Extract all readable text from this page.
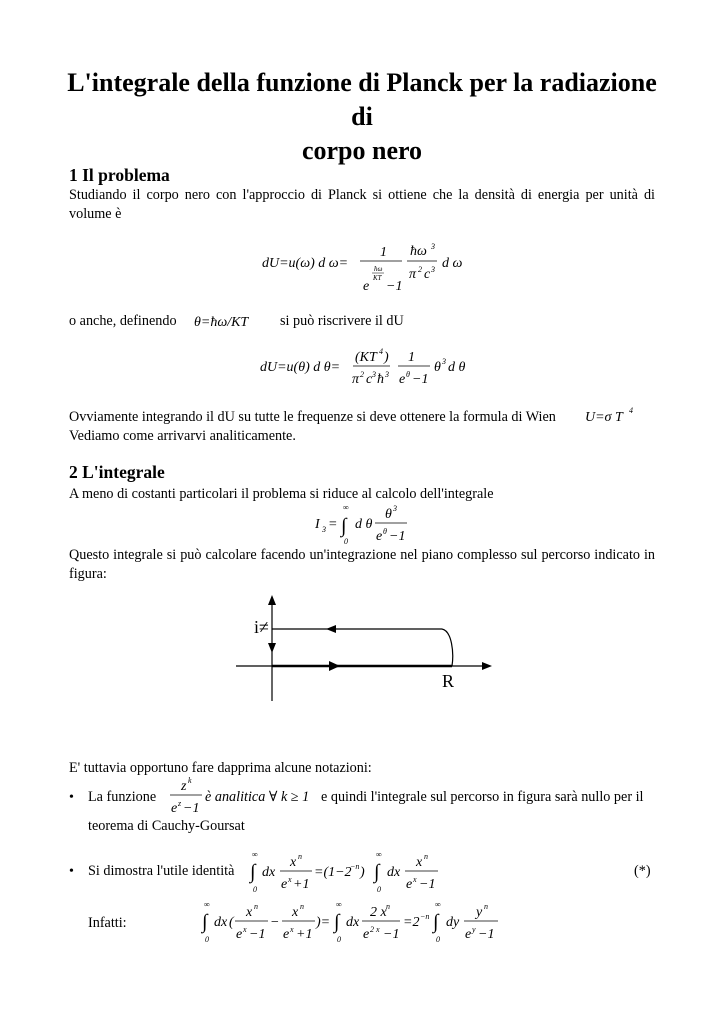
L'integrale della funzione di Planck per la radiazione di
corpo nero
1 Il problema
Studiando il corpo nero con l'approccio di Planck si ottiene che la densità di energia per unità di volume è
dU=u(ω) d ω=
1
ħω
KT
e −1
ħω 3
π 2 c 3 d ω
o anche, definendo θ=ħω/KT si può riscrivere il dU
dU=u(θ) d θ=
(KT 4 )
π 2 c 3 ħ 3
1
e θ −1
θ 3 d θ
Ovviamente integrando il dU su tutte le frequenze si deve ottenere la formula di Wien	U=σ T 4
Vediamo come arrivarvi analiticamente.
2 L'integrale
A meno di costanti particolari il problema si riduce al calcolo dell'integrale
I 3 = ∫
∞
0
d θ
θ 3
e θ −1
Questo integrale si può calcolare facendo un'integrazione nel piano complesso sul percorso indicato in figura:
i≠
R
E' tuttavia opportuno fare dapprima alcune notazioni:
• La funzione
z k
e z −1
è analitica ∀ k ≥ 1 e quindi l'integrale sul percorso in figura sarà nullo per il
teorema di Cauchy-Goursat
• Si dimostra l'utile identità ∫
∞
0
dx
x n
e x +1
=(1−2
−n ) ∫
∞
0
dx
x n
e x −1
(*)
Infatti:	∫
∞
0
dx (
x n
e x −1
−
x n
e x +1
)= ∫
∞
0
dx
2 x n
e 2 x −1
=2 −n ∫
∞
0
dy
y n
e y −1
